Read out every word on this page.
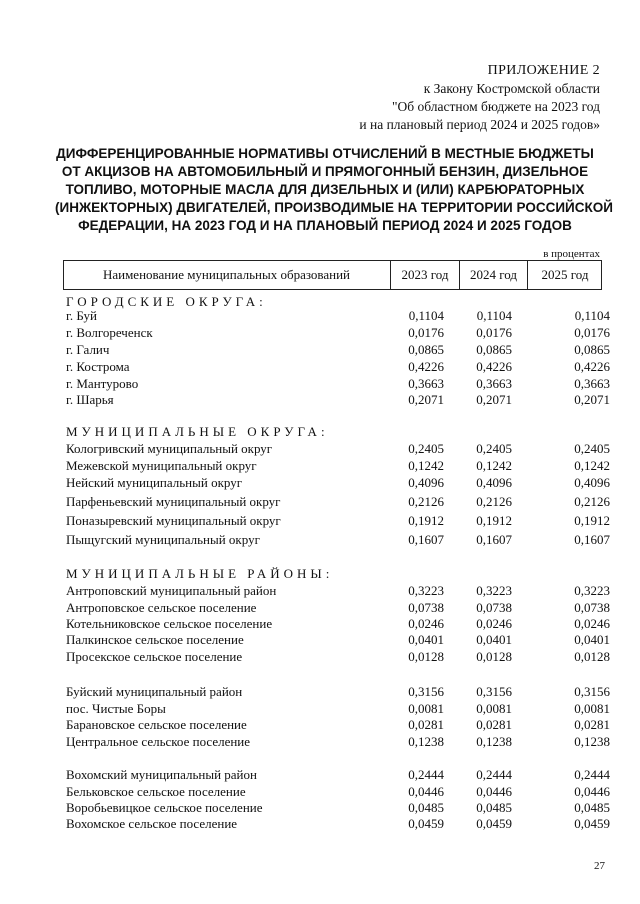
ПРИЛОЖЕНИЕ 2
к Закону Костромской области
"Об областном бюджете на 2023 год
и на плановый период 2024 и 2025 годов»
ДИФФЕРЕНЦИРОВАННЫЕ НОРМАТИВЫ ОТЧИСЛЕНИЙ В МЕСТНЫЕ БЮДЖЕТЫ
ОТ АКЦИЗОВ НА АВТОМОБИЛЬНЫЙ И ПРЯМОГОННЫЙ БЕНЗИН, ДИЗЕЛЬНОЕ
ТОПЛИВО, МОТОРНЫЕ МАСЛА ДЛЯ ДИЗЕЛЬНЫХ И (ИЛИ) КАРБЮРАТОРНЫХ
(ИНЖЕКТОРНЫХ) ДВИГАТЕЛЕЙ, ПРОИЗВОДИМЫЕ НА ТЕРРИТОРИИ РОССИЙСКОЙ
ФЕДЕРАЦИИ, НА 2023 ГОД И НА ПЛАНОВЫЙ ПЕРИОД 2024 И 2025 ГОДОВ
в процентах
Наименование муниципальных образований	2023 год	2024 год	2025 год
ГОРОДСКИЕ ОКРУГА:
г. Буй	0,1104	0,1104	0,1104
г. Волгореченск	0,0176	0,0176	0,0176
г. Галич	0,0865	0,0865	0,0865
г. Кострома	0,4226	0,4226	0,4226
г. Мантурово	0,3663	0,3663	0,3663
г. Шарья	0,2071	0,2071	0,2071
МУНИЦИПАЛЬНЫЕ ОКРУГА:
Кологривский муниципальный округ	0,2405	0,2405	0,2405
Межевской муниципальный округ	0,1242	0,1242	0,1242
Нейский муниципальный округ	0,4096	0,4096	0,4096
Парфеньевский муниципальный округ	0,2126	0,2126	0,2126
Поназыревский муниципальный округ	0,1912	0,1912	0,1912
Пыщугский муниципальный округ	0,1607	0,1607	0,1607
МУНИЦИПАЛЬНЫЕ РАЙОНЫ:
Антроповский муниципальный район	0,3223	0,3223	0,3223
Антроповское сельское поселение	0,0738	0,0738	0,0738
Котельниковское сельское поселение	0,0246	0,0246	0,0246
Палкинское сельское поселение	0,0401	0,0401	0,0401
Просекское сельское поселение	0,0128	0,0128	0,0128
Буйский муниципальный район	0,3156	0,3156	0,3156
пос. Чистые Боры	0,0081	0,0081	0,0081
Барановское сельское поселение	0,0281	0,0281	0,0281
Центральное сельское поселение	0,1238	0,1238	0,1238
Вохомский муниципальный район	0,2444	0,2444	0,2444
Бельковское сельское поселение	0,0446	0,0446	0,0446
Воробьевицкое сельское поселение	0,0485	0,0485	0,0485
Вохомское сельское поселение	0,0459	0,0459	0,0459
27
